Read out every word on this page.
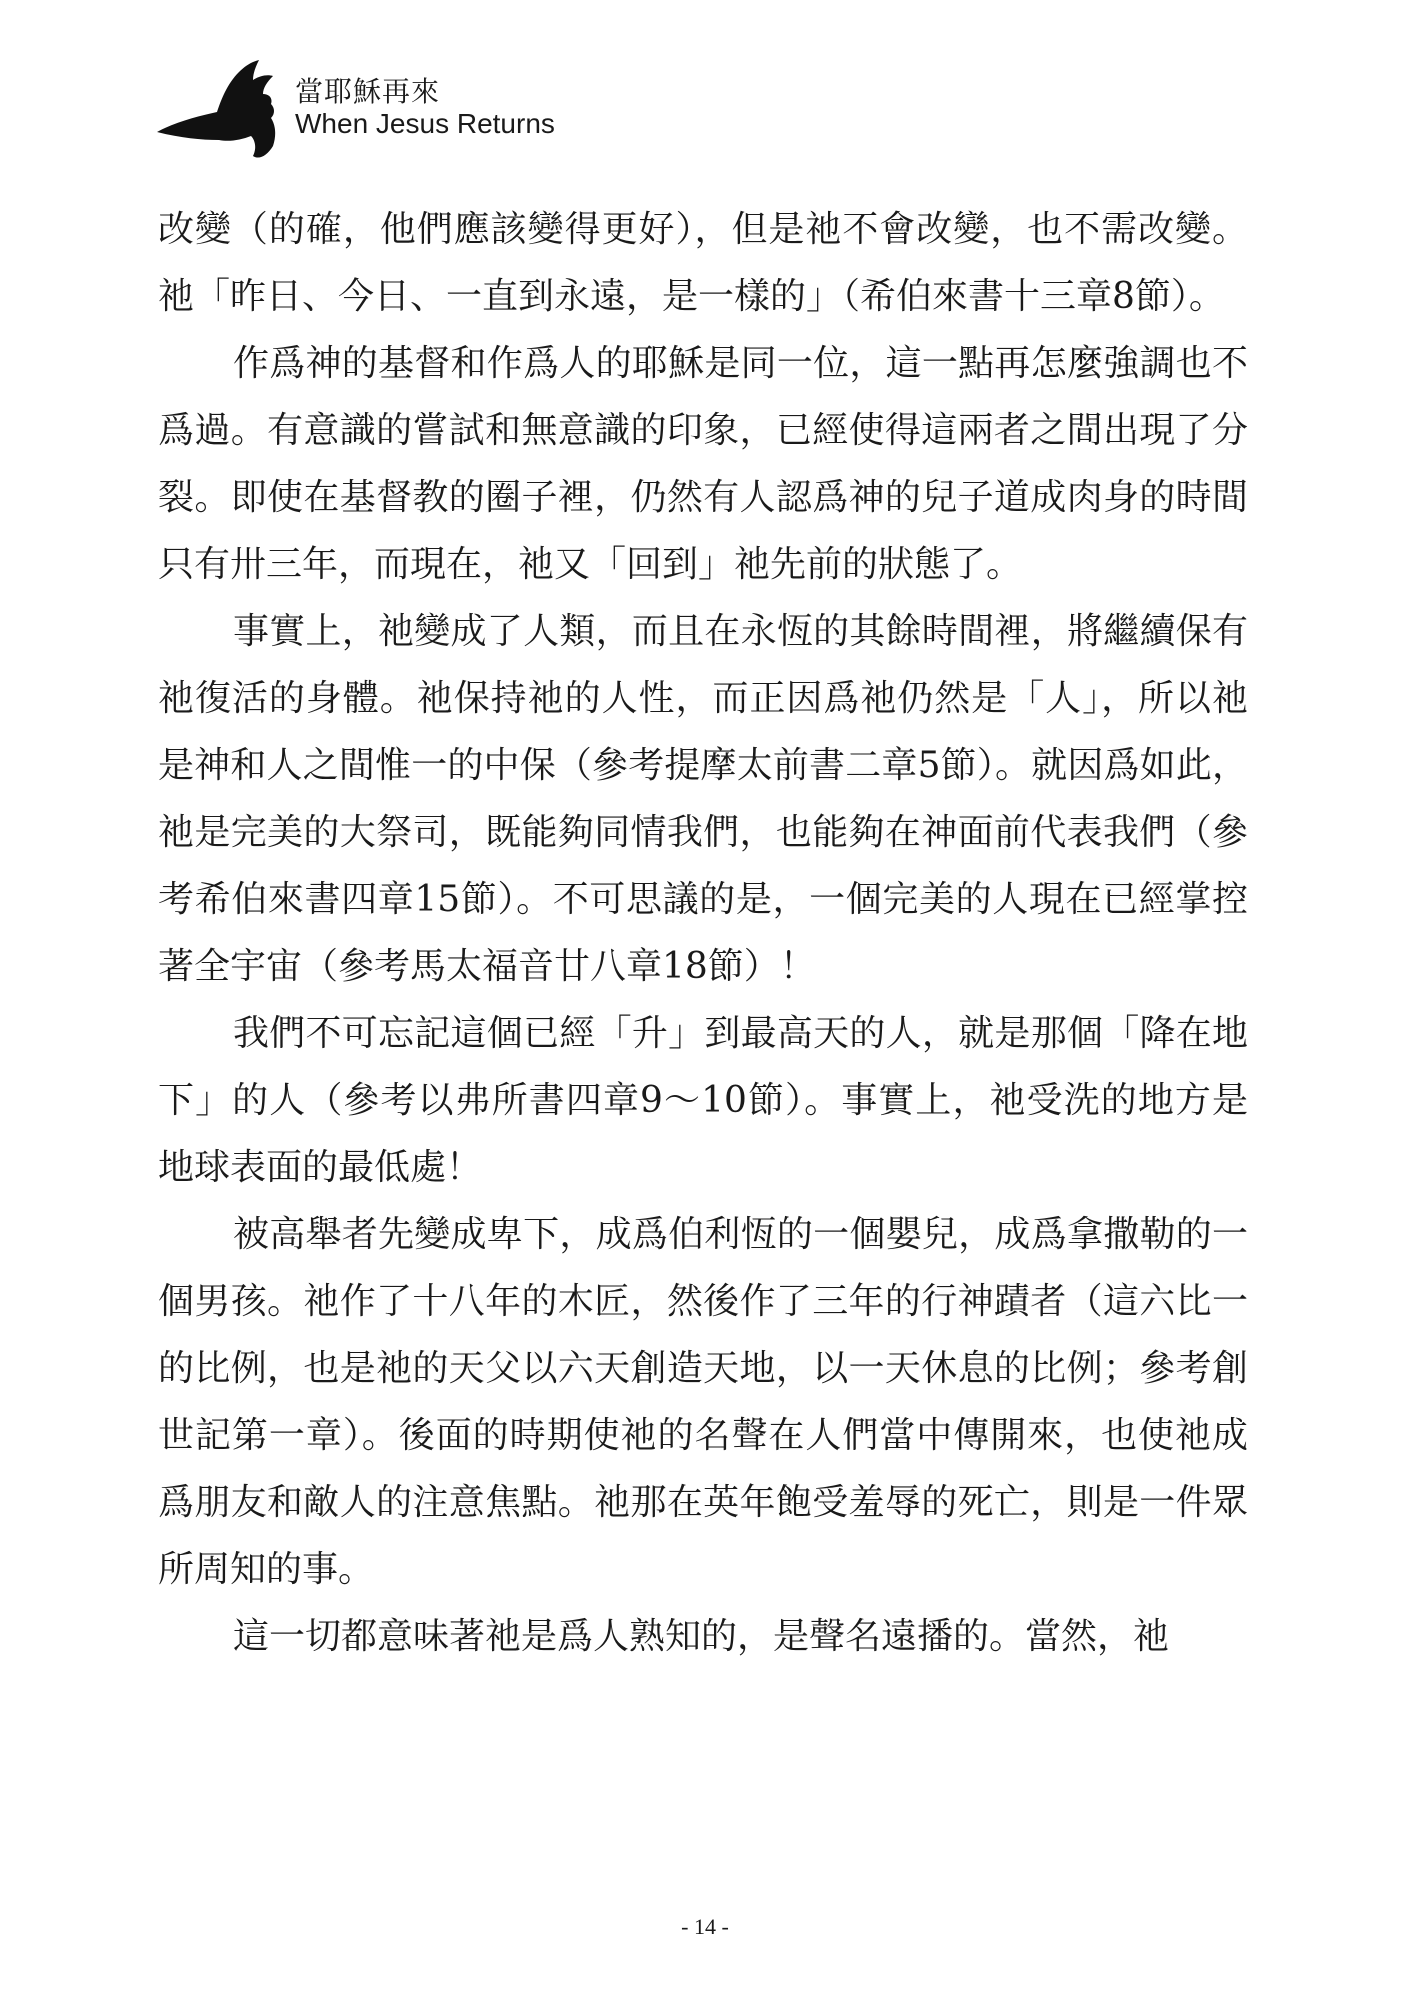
當耶穌再來
When Jesus Returns

改變（的確，他們應該變得更好），但是祂不會改變，也不需改變。祂「昨日、今日、一直到永遠，是一樣的」（希伯來書十三章8節）。

作爲神的基督和作爲人的耶穌是同一位，這一點再怎麼強調也不爲過。有意識的嘗試和無意識的印象，已經使得這兩者之間出現了分裂。即使在基督教的圈子裡，仍然有人認爲神的兒子道成肉身的時間只有卅三年，而現在，祂又「回到」祂先前的狀態了。

事實上，祂變成了人類，而且在永恆的其餘時間裡，將繼續保有祂復活的身體。祂保持祂的人性，而正因爲祂仍然是「人」，所以祂是神和人之間惟一的中保（參考提摩太前書二章5節）。就因爲如此，祂是完美的大祭司，既能夠同情我們，也能夠在神面前代表我們（參考希伯來書四章15節）。不可思議的是，一個完美的人現在已經掌控著全宇宙（參考馬太福音廿八章18節）！

我們不可忘記這個已經「升」到最高天的人，就是那個「降在地下」的人（參考以弗所書四章9～10節）。事實上，祂受洗的地方是地球表面的最低處！

被高舉者先變成卑下，成爲伯利恆的一個嬰兒，成爲拿撒勒的一個男孩。祂作了十八年的木匠，然後作了三年的行神蹟者（這六比一的比例，也是祂的天父以六天創造天地，以一天休息的比例；參考創世記第一章）。後面的時期使祂的名聲在人們當中傳開來，也使祂成爲朋友和敵人的注意焦點。祂那在英年飽受羞辱的死亡，則是一件眾所周知的事。

這一切都意味著祂是爲人熟知的，是聲名遠播的。當然，祂

- 14 -
